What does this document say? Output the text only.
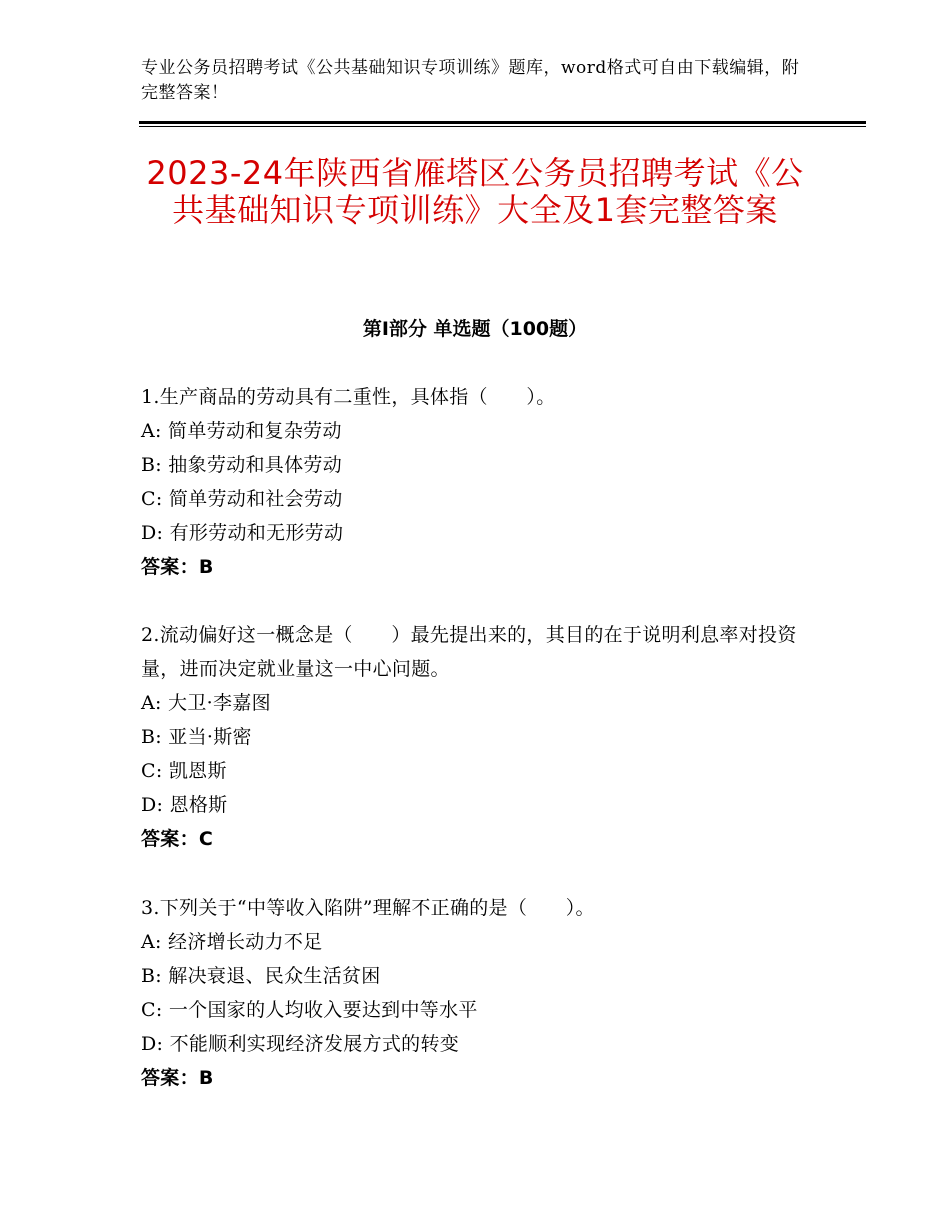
专业公务员招聘考试《公共基础知识专项训练》题库，word格式可自由下载编辑，附完整答案！
2023-24年陕西省雁塔区公务员招聘考试《公共基础知识专项训练》大全及1套完整答案
第Ⅰ部分 单选题（100题）

1.生产商品的劳动具有二重性，具体指（　　）。

A: 简单劳动和复杂劳动

B: 抽象劳动和具体劳动

C: 简单劳动和社会劳动

D: 有形劳动和无形劳动

答案：B

2.流动偏好这一概念是（　　）最先提出来的，其目的在于说明利息率对投资量，进而决定就业量这一中心问题。

A: 大卫·李嘉图

B: 亚当·斯密

C: 凯恩斯

D: 恩格斯

答案：C

3.下列关于“中等收入陷阱”理解不正确的是（　　）。

A: 经济增长动力不足

B: 解决衰退、民众生活贫困

C: 一个国家的人均收入要达到中等水平

D: 不能顺利实现经济发展方式的转变

答案：B
